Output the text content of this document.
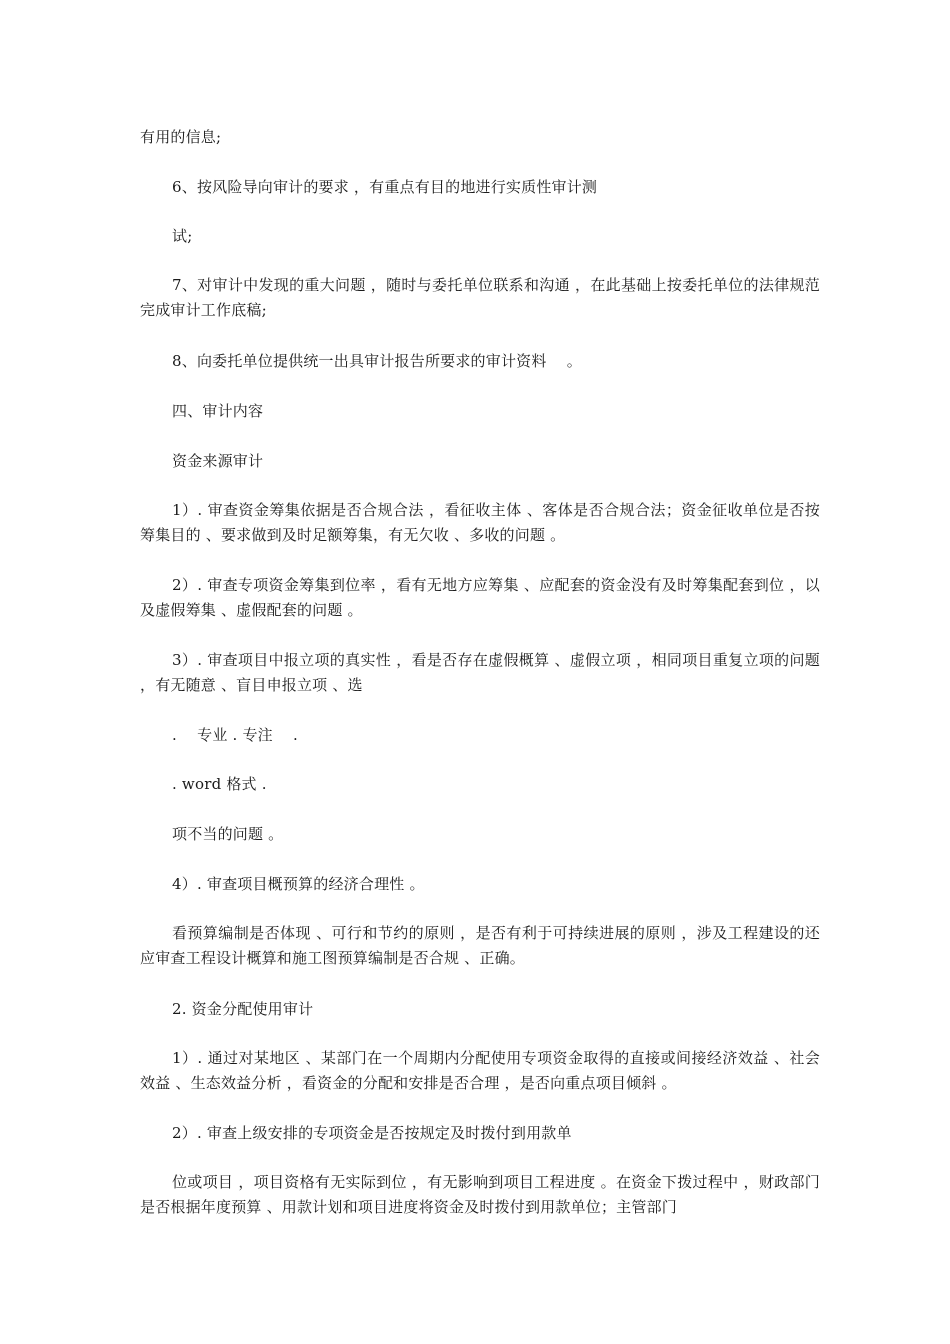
有用的信息;
6、按风险导向审计的要求 ，有重点有目的地进行实质性审计测
试;
7、对审计中发现的重大问题 ，随时与委托单位联系和沟通 ，在此基础上按委托单位的法律规范完成审计工作底稿;
8、向委托单位提供统一出具审计报告所要求的审计资料 　。
四、审计内容
资金来源审计
1）. 审查资金筹集依据是否合规合法 ，看征收主体 、客体是否合规合法；资金征收单位是否按筹集目的 、要求做到及时足额筹集，有无欠收 、多收的问题 。
2）. 审查专项资金筹集到位率 ，看有无地方应筹集 、应配套的资金没有及时筹集配套到位 ，以及虚假筹集 、虚假配套的问题 。
3）. 审查项目中报立项的真实性 ，看是否存在虚假概算 、虚假立项 ，相同项目重复立项的问题 ，有无随意 、盲目申报立项 、选
. 　专业 . 专注 　.
. word 格式 .
项不当的问题 。
4）. 审查项目概预算的经济合理性 。
看预算编制是否体现 、可行和节约的原则 ，是否有利于可持续进展的原则 ，涉及工程建设的还应审查工程设计概算和施工图预算编制是否合规 、正确。
2. 资金分配使用审计
1）. 通过对某地区 、某部门在一个周期内分配使用专项资金取得的直接或间接经济效益 、社会效益 、生态效益分析 ，看资金的分配和安排是否合理 ，是否向重点项目倾斜 。
2）. 审查上级安排的专项资金是否按规定及时拨付到用款单
位或项目 ，项目资格有无实际到位 ，有无影响到项目工程进度 。在资金下拨过程中 ，财政部门是否根据年度预算 、用款计划和项目进度将资金及时拨付到用款单位；主管部门
